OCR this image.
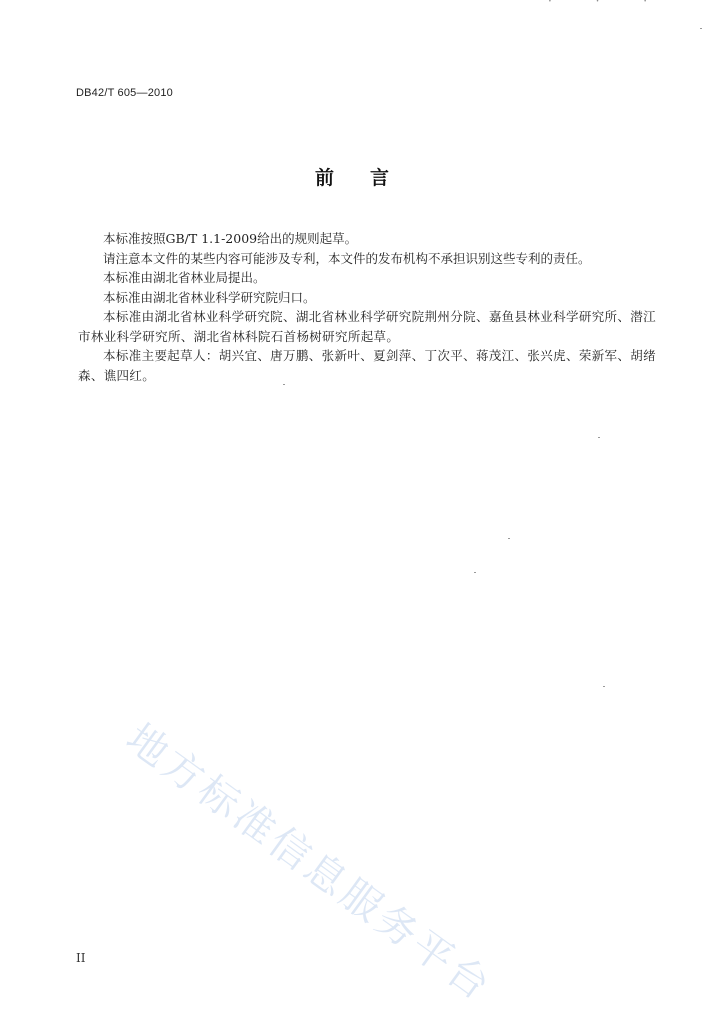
· · ·
DB42/T 605—2010
前言

本标准按照GB/T 1.1-2009给出的规则起草。

请注意本文件的某些内容可能涉及专利，本文件的发布机构不承担识别这些专利的责任。

本标准由湖北省林业局提出。

本标准由湖北省林业科学研究院归口。

本标准由湖北省林业科学研究院、湖北省林业科学研究院荆州分院、嘉鱼县林业科学研究所、潜江市林业科学研究所、湖北省林科院石首杨树研究所起草。

本标准主要起草人：胡兴宜、唐万鹏、张新叶、夏剑萍、丁次平、蒋茂江、张兴虎、荣新军、胡绪森、谯四红。

地方标准信息服务平台
II
